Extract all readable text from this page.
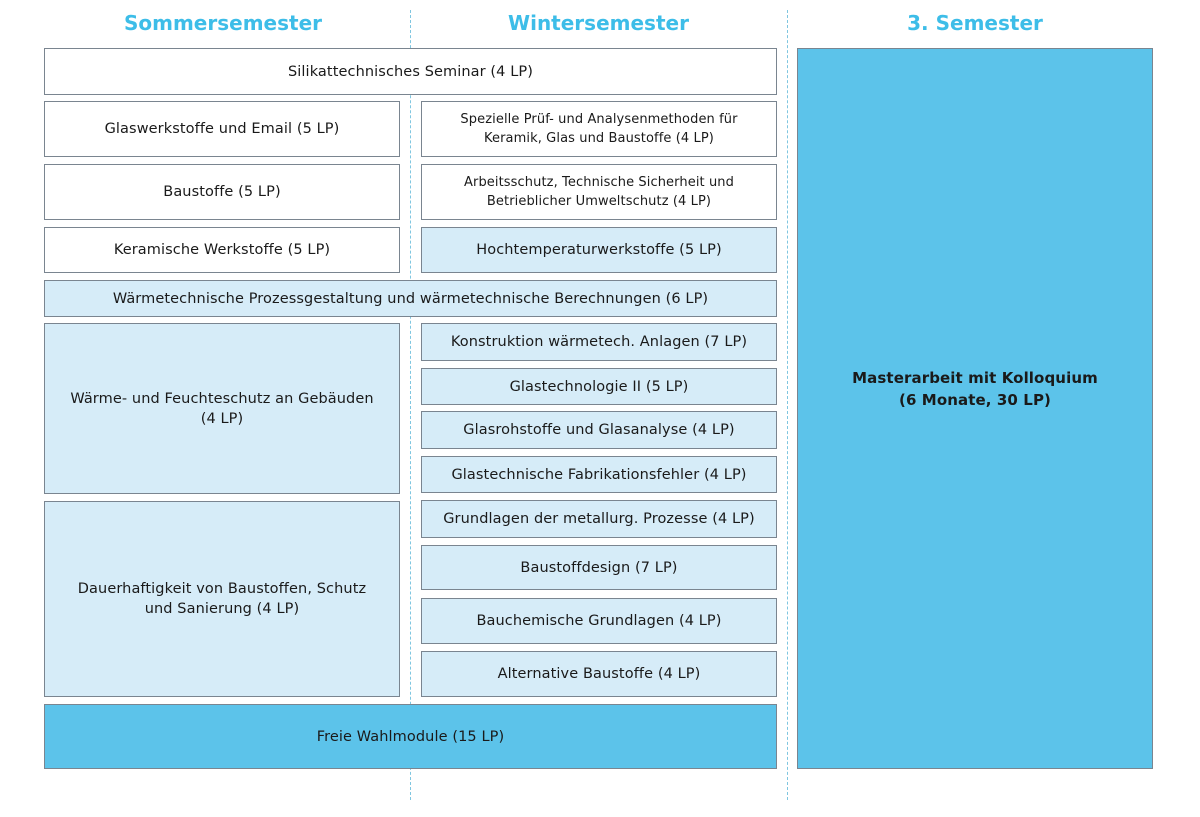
Sommersemester	Wintersemester	3. Semester
Silikattechnisches Seminar (4 LP)
Glaswerkstoffe und Email (5 LP)
Baustoffe (5 LP)
Keramische Werkstoffe (5 LP)
Spezielle Prüf- und Analysenmethoden für
Keramik, Glas und Baustoffe (4 LP)
Arbeitsschutz, Technische Sicherheit und
Betrieblicher Umweltschutz (4 LP)
Hochtemperaturwerkstoffe (5 LP)
Wärmetechnische Prozessgestaltung und wärmetechnische Berechnungen (6 LP)
Wärme- und Feuchteschutz an Gebäuden
(4 LP)
Dauerhaftigkeit von Baustoffen, Schutz
und Sanierung (4 LP)
Konstruktion wärmetech. Anlagen (7 LP)
Glastechnologie II (5 LP)
Glasrohstoffe und Glasanalyse (4 LP)
Glastechnische Fabrikationsfehler (4 LP)
Grundlagen der metallurg. Prozesse (4 LP)
Baustoffdesign (7 LP)
Bauchemische Grundlagen (4 LP)
Alternative Baustoffe (4 LP)
Freie Wahlmodule (15 LP)
Masterarbeit mit Kolloquium
(6 Monate, 30 LP)
